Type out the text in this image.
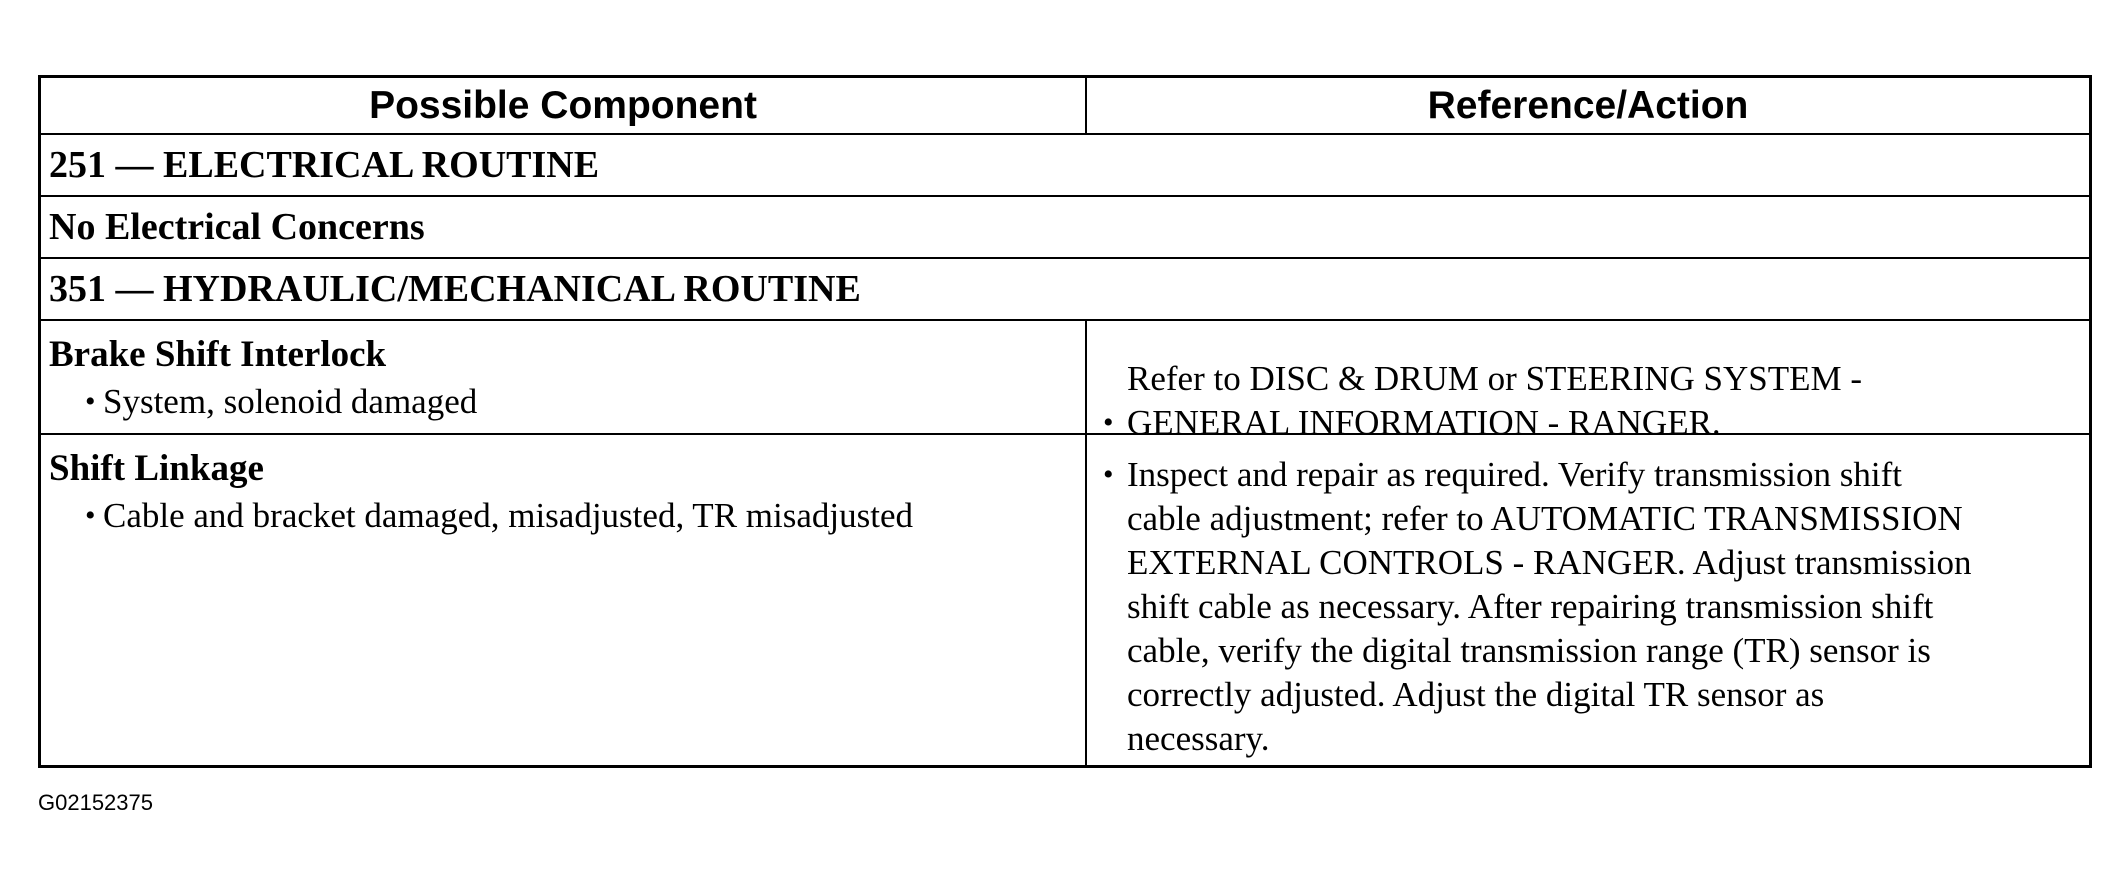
Possible Component	Reference/Action
251 — ELECTRICAL ROUTINE
No Electrical Concerns
351 — HYDRAULIC/MECHANICAL ROUTINE
Brake Shift Interlock
• System, solenoid damaged
•
Refer to DISC & DRUM or STEERING SYSTEM -
GENERAL INFORMATION - RANGER.
Shift Linkage
• Cable and bracket damaged, misadjusted, TR misadjusted
• Inspect and repair as required. Verify transmission shift
cable adjustment; refer to AUTOMATIC TRANSMISSION
EXTERNAL CONTROLS - RANGER. Adjust transmission
shift cable as necessary. After repairing transmission shift
cable, verify the digital transmission range (TR) sensor is
correctly adjusted. Adjust the digital TR sensor as
necessary.
G02152375
